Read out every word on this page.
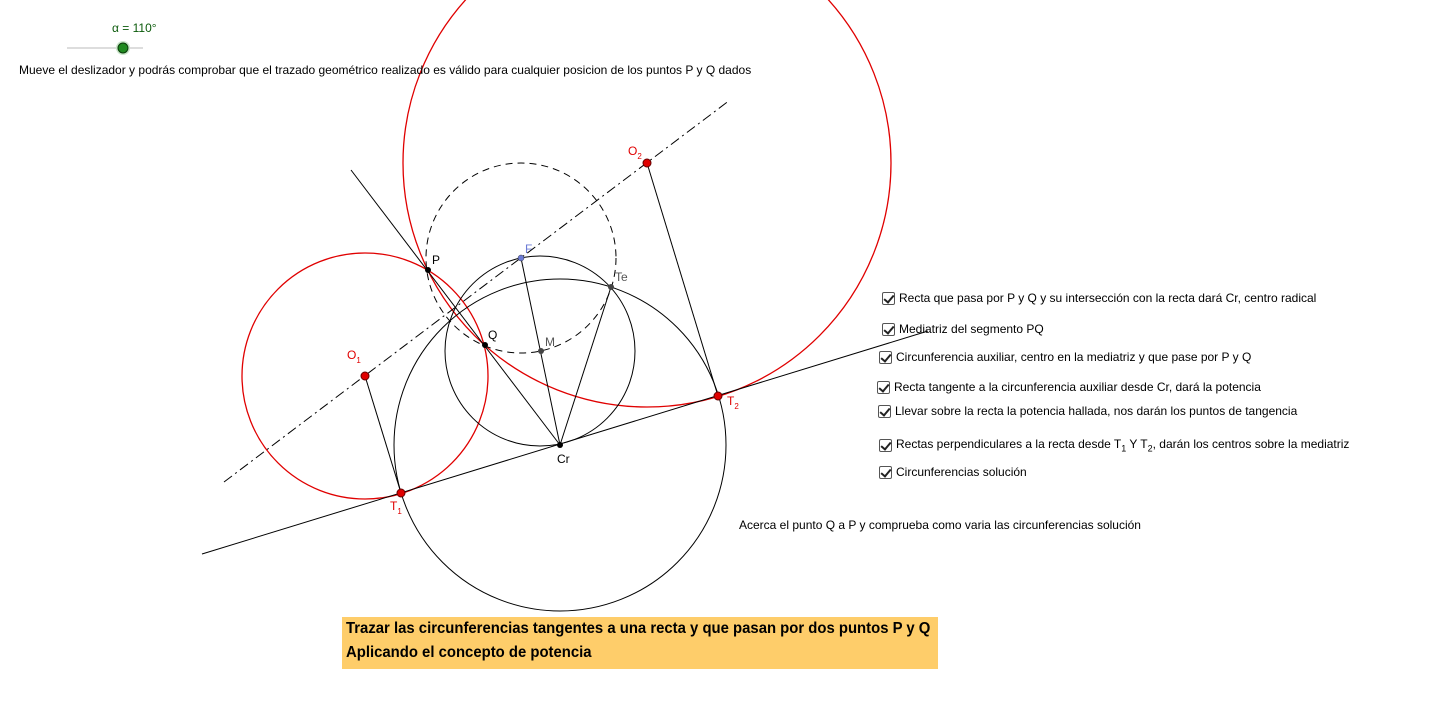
P
Q
F
M
Te
Cr
$O_1$
$O_2$
$T_1$
$T_2$
α = 110°
Mueve el deslizador y podrás comprobar que el trazado geométrico realizado es válido para cualquier posicion de los puntos P y Q dados
Recta que pasa por P y Q y su intersección con la recta dará Cr, centro radical
Mediatriz del segmento PQ
Circunferencia auxiliar, centro en la mediatriz y que pase por P y Q
Recta tangente a la circunferencia auxiliar desde Cr, dará la potencia
Llevar sobre la recta la potencia hallada, nos darán los puntos de tangencia
Rectas perpendiculares a la recta desde $T_1$ Y $T_2$, darán los centros sobre la mediatriz
Circunferencias solución
Acerca el punto Q a P y comprueba como varia las circunferencias solución
Trazar las circunferencias tangentes a una recta y que pasan por dos puntos P y Q
Aplicando el concepto de potencia
